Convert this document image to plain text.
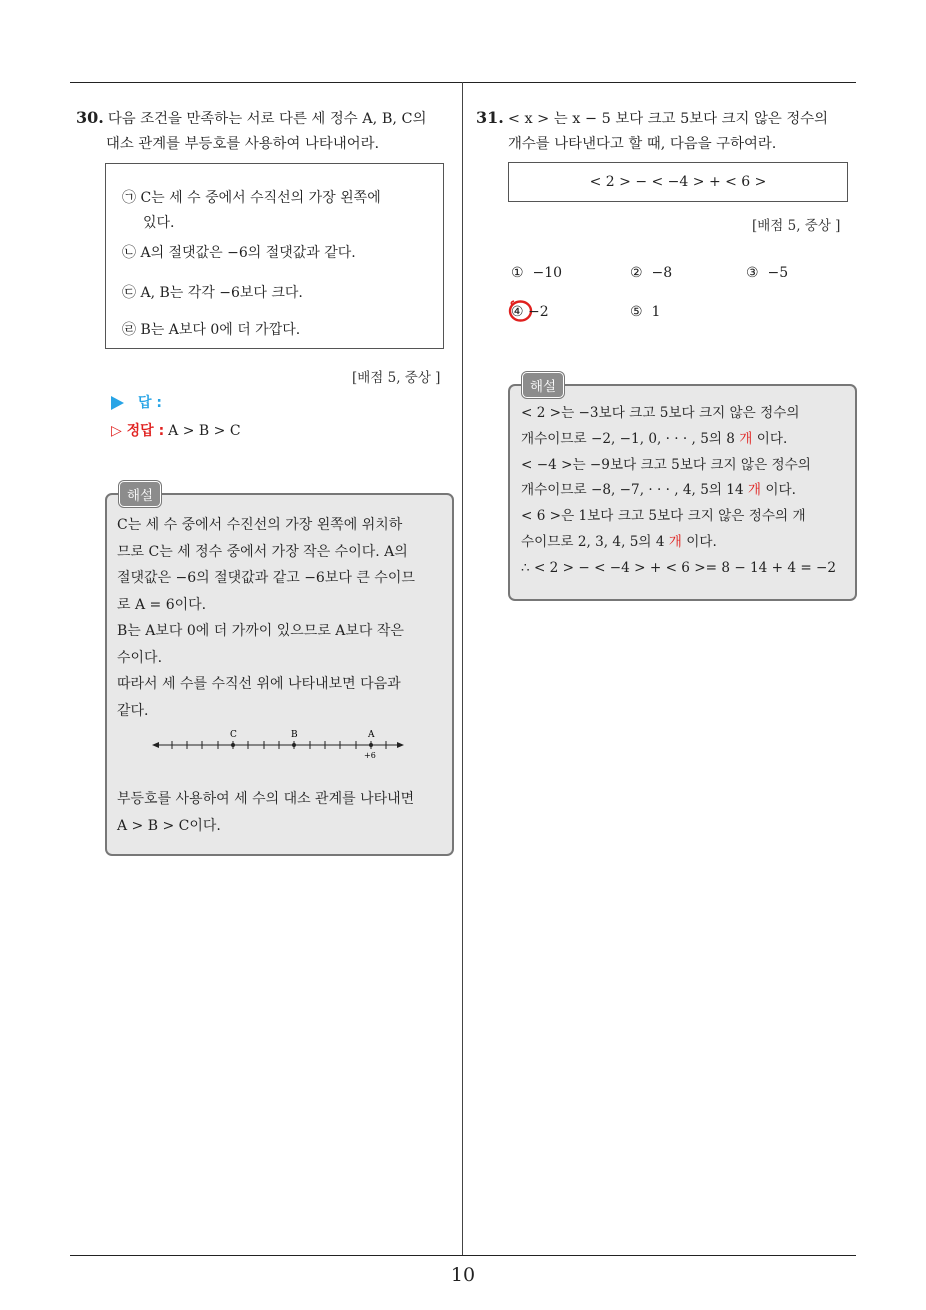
10
30. 다음 조건을 만족하는 서로 다른 세 정수 A, B, C의
대소 관계를 부등호를 사용하여 나타내어라.
㉠ C는 세 수 중에서 수직선의 가장 왼쪽에
있다.
㉡ A의 절댓값은 −6의 절댓값과 같다.
㉢ A, B는 각각 −6보다 크다.
㉣ B는 A보다 0에 더 가깝다.
[배점 5, 중상 ]
답 :
▷ 정답 : A > B > C
해설
C는 세 수 중에서 수진선의 가장 왼쪽에 위치하
므로 C는 세 정수 중에서 가장 작은 수이다. A의
절댓값은 −6의 절댓값과 같고 −6보다 큰 수이므
로 A = 6이다.
B는 A보다 0에 더 가까이 있으므로 A보다 작은
수이다.
따라서 세 수를 수직선 위에 나타내보면 다음과
같다.
C	B	A
+6
부등호를 사용하여 세 수의 대소 관계를 나타내면
A > B > C이다.
31. < x > 는 x − 5 보다 크고 5보다 크지 않은 정수의
개수를 나타낸다고 할 때, 다음을 구하여라.
< 2 > − < −4 > + < 6 >
[배점 5, 중상 ]
① −10	② −8	③ −5
④ −2	⑤ 1
해설
< 2 >는 −3보다 크고 5보다 크지 않은 정수의
개수이므로 −2, −1, 0, · · · , 5의 8 개 이다.
< −4 >는 −9보다 크고 5보다 크지 않은 정수의
개수이므로 −8, −7, · · · , 4, 5의 14 개 이다.
< 6 >은 1보다 크고 5보다 크지 않은 정수의 개
수이므로 2, 3, 4, 5의 4 개 이다.
∴ < 2 > − < −4 > + < 6 >= 8 − 14 + 4 = −2
